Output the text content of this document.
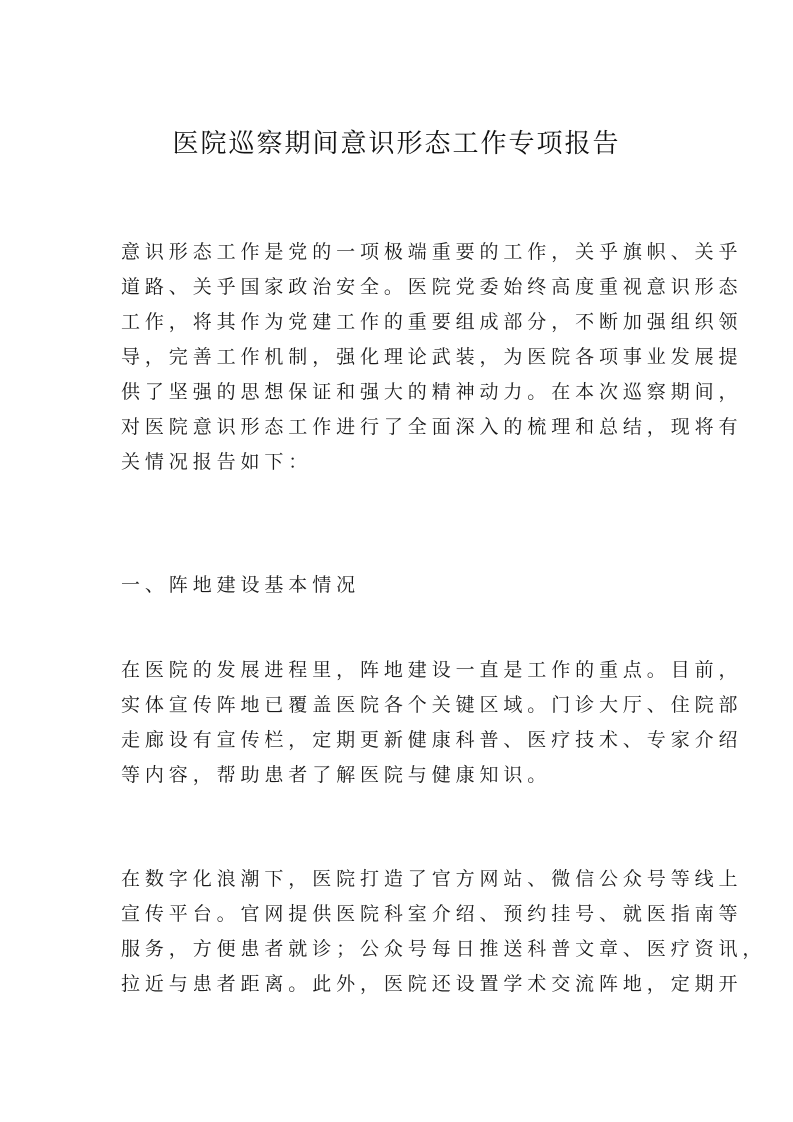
医院巡察期间意识形态工作专项报告

意识形态工作是党的一项极端重要的工作，关乎旗帜、关乎
道路、关乎国家政治安全。医院党委始终高度重视意识形态
工作，将其作为党建工作的重要组成部分，不断加强组织领
导，完善工作机制，强化理论武装，为医院各项事业发展提
供了坚强的思想保证和强大的精神动力。在本次巡察期间，
对医院意识形态工作进行了全面深入的梳理和总结，现将有
关情况报告如下：

一、阵地建设基本情况

在医院的发展进程里，阵地建设一直是工作的重点。目前，
实体宣传阵地已覆盖医院各个关键区域。门诊大厅、住院部
走廊设有宣传栏，定期更新健康科普、医疗技术、专家介绍
等内容，帮助患者了解医院与健康知识。

在数字化浪潮下，医院打造了官方网站、微信公众号等线上
宣传平台。官网提供医院科室介绍、预约挂号、就医指南等
服务，方便患者就诊；公众号每日推送科普文章、医疗资讯，
拉近与患者距离。此外，医院还设置学术交流阵地，定期开
